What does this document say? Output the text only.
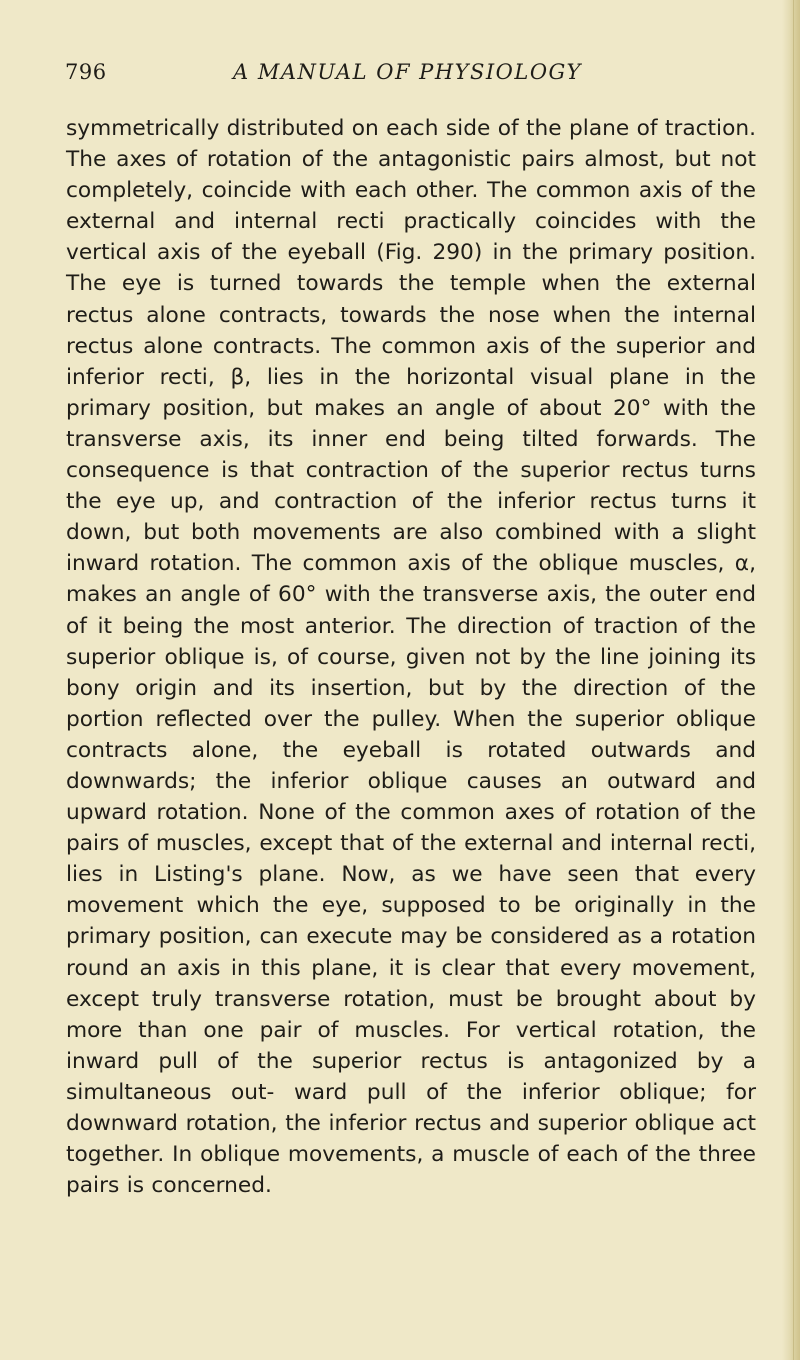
796	A MANUAL OF PHYSIOLOGY

symmetrically distributed on each side of the plane of traction. The axes of rotation of the antagonistic pairs almost, but not completely, coincide with each other. The common axis of the external and internal recti practically coincides with the vertical axis of the eyeball (Fig. 290) in the primary position. The eye is turned towards the temple when the external rectus alone contracts, towards the nose when the internal rectus alone contracts. The common axis of the superior and inferior recti, β, lies in the horizontal visual plane in the primary position, but makes an angle of about 20° with the transverse axis, its inner end being tilted forwards. The consequence is that contraction of the superior rectus turns the eye up, and contraction of the inferior rectus turns it down, but both movements are also combined with a slight inward rotation. The common axis of the oblique muscles, α, makes an angle of 60° with the transverse axis, the outer end of it being the most anterior. The direction of traction of the superior oblique is, of course, given not by the line joining its bony origin and its insertion, but by the direction of the portion reflected over the pulley. When the superior oblique contracts alone, the eyeball is rotated outwards and downwards; the inferior oblique causes an outward and upward rotation. None of the common axes of rotation of the pairs of muscles, except that of the external and internal recti, lies in Listing's plane. Now, as we have seen that every movement which the eye, supposed to be originally in the primary position, can execute may be considered as a rotation round an axis in this plane, it is clear that every movement, except truly transverse rotation, must be brought about by more than one pair of muscles. For vertical rotation, the inward pull of the superior rectus is antagonized by a simultaneous out- ward pull of the inferior oblique; for downward rotation, the inferior rectus and superior oblique act together. In oblique movements, a muscle of each of the three pairs is concerned.
